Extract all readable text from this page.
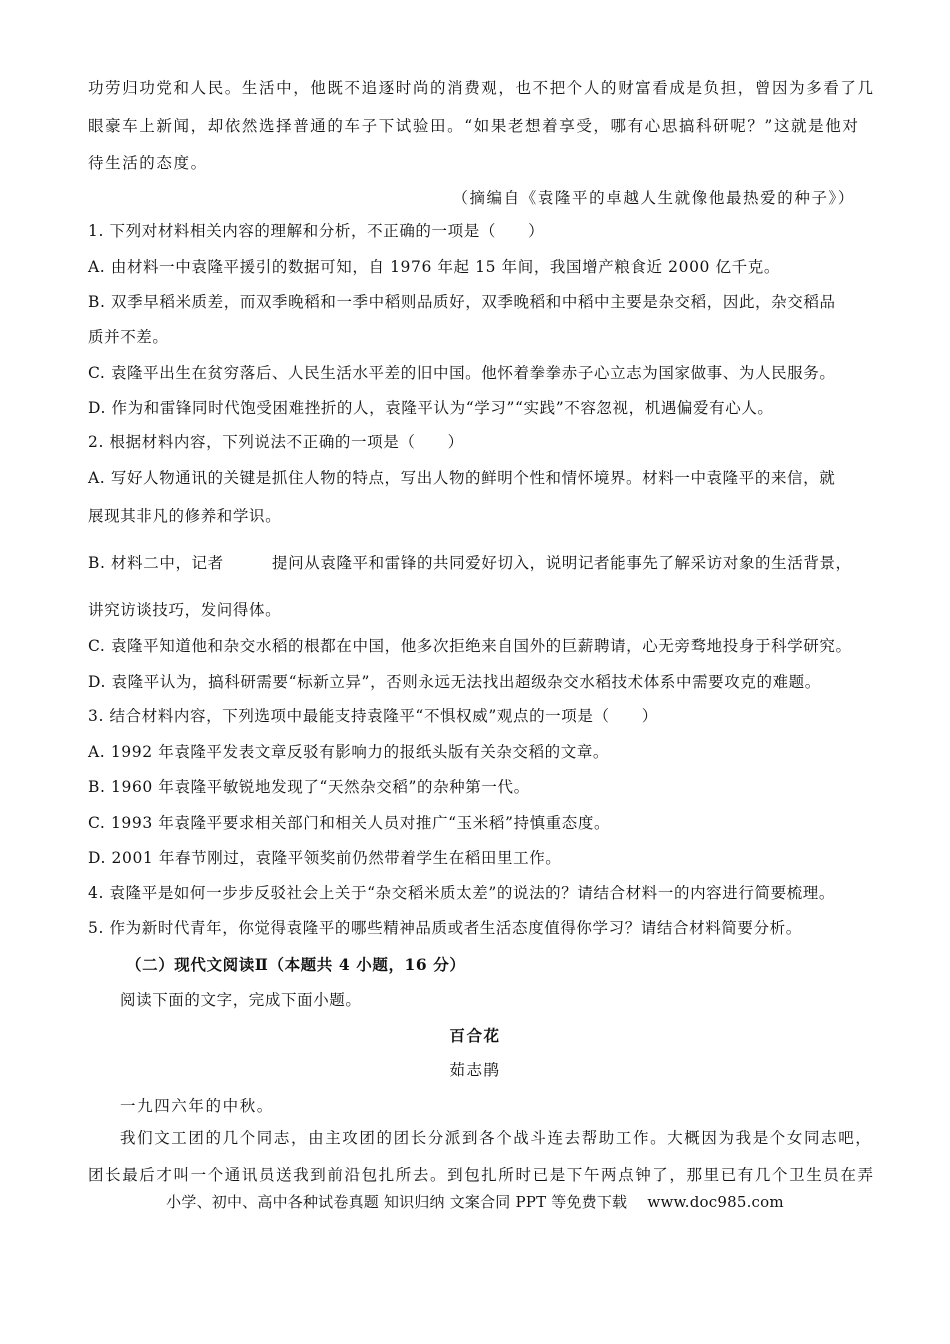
功劳归功党和人民。生活中，他既不追逐时尚的消费观，也不把个人的财富看成是负担，曾因为多看了几
眼豪车上新闻，却依然选择普通的车子下试验田。“如果老想着享受，哪有心思搞科研呢？”这就是他对
待生活的态度。
（摘编自《袁隆平的卓越人生就像他最热爱的种子》）
1. 下列对材料相关内容的理解和分析，不正确的一项是（　　）
A. 由材料一中袁隆平援引的数据可知，自 1976 年起 15 年间，我国增产粮食近 2000 亿千克。
B. 双季早稻米质差，而双季晚稻和一季中稻则品质好，双季晚稻和中稻中主要是杂交稻，因此，杂交稻品
质并不差。
C. 袁隆平出生在贫穷落后、人民生活水平差的旧中国。他怀着拳拳赤子心立志为国家做事、为人民服务。
D. 作为和雷锋同时代饱受困难挫折的人，袁隆平认为“学习”“实践”不容忽视，机遇偏爱有心人。
2. 根据材料内容，下列说法不正确的一项是（　　）
A. 写好人物通讯的关键是抓住人物的特点，写出人物的鲜明个性和情怀境界。材料一中袁隆平的来信，就
展现其非凡的修养和学识。
B. 材料二中，记者　　　提问从袁隆平和雷锋的共同爱好切入，说明记者能事先了解采访对象的生活背景，
讲究访谈技巧，发问得体。
C. 袁隆平知道他和杂交水稻的根都在中国，他多次拒绝来自国外的巨薪聘请，心无旁骛地投身于科学研究。
D. 袁隆平认为，搞科研需要“标新立异”，否则永远无法找出超级杂交水稻技术体系中需要攻克的难题。
3. 结合材料内容，下列选项中最能支持袁隆平“不惧权威”观点的一项是（　　）
A. 1992 年袁隆平发表文章反驳有影响力的报纸头版有关杂交稻的文章。
B. 1960 年袁隆平敏锐地发现了“天然杂交稻”的杂种第一代。
C. 1993 年袁隆平要求相关部门和相关人员对推广“玉米稻”持慎重态度。
D. 2001 年春节刚过，袁隆平领奖前仍然带着学生在稻田里工作。
4. 袁隆平是如何一步步反驳社会上关于“杂交稻米质太差”的说法的？请结合材料一的内容进行简要梳理。
5. 作为新时代青年，你觉得袁隆平的哪些精神品质或者生活态度值得你学习？请结合材料简要分析。
（二）现代文阅读Ⅱ（本题共 4 小题，16 分）
阅读下面的文字，完成下面小题。
百合花
茹志鹃
一九四六年的中秋。
我们文工团的几个同志，由主攻团的团长分派到各个战斗连去帮助工作。大概因为我是个女同志吧，
团长最后才叫一个通讯员送我到前沿包扎所去。到包扎所时已是下午两点钟了，那里已有几个卫生员在弄
小学、初中、高中各种试卷真题 知识归纳 文案合同 PPT 等免费下载　 www.doc985.com
